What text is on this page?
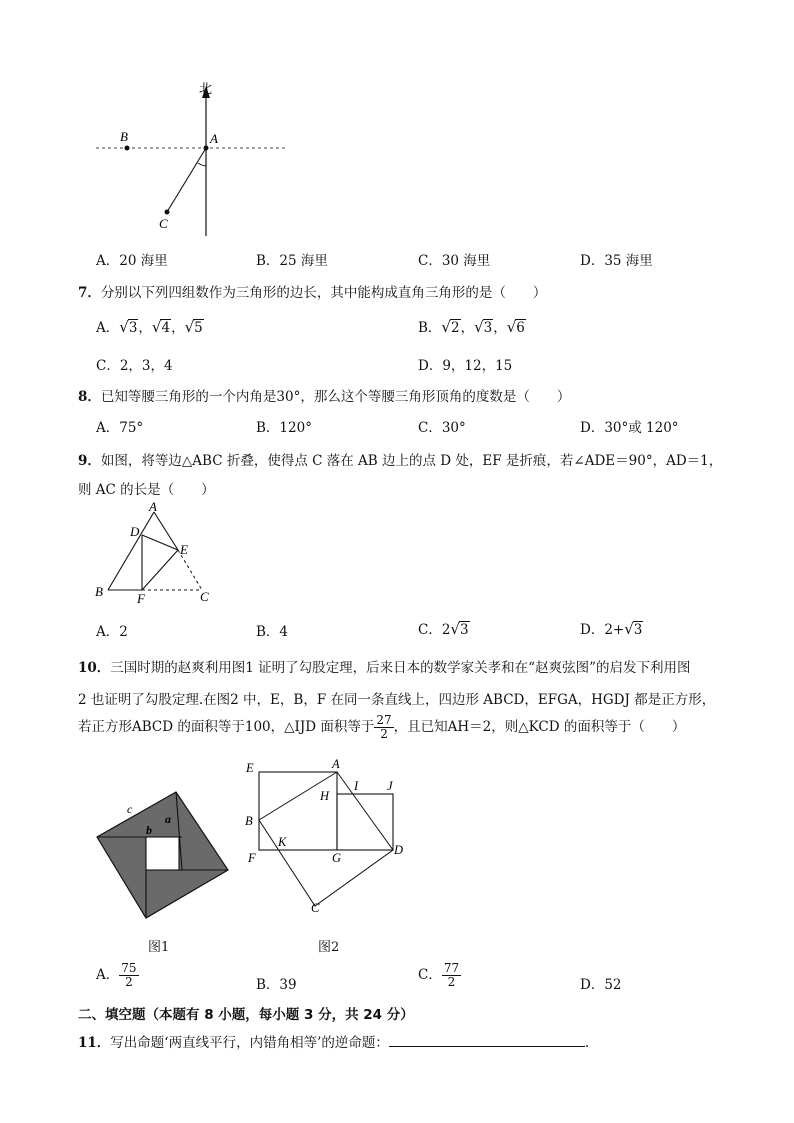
北
B	A
C
A．20 海里	B．25 海里	C．30 海里	D．35 海里
7．分别以下列四组数作为三角形的边长，其中能构成直角三角形的是（　　）
A．√3，√4，√5	B．√2，√3，√6
C．2，3，4	D．9，12，15
8．已知等腰三角形的一个内角是30°，那么这个等腰三角形顶角的度数是（　　）
A．75°	B．120°	C．30°	D．30°或 120°
9．如图，将等边△ABC 折叠，使得点 C 落在 AB 边上的点 D 处，EF 是折痕，若∠ADE＝90°，AD＝1，
则 AC 的长是（　　）
A
D
E
B	F	C
A．2	B．4	C．2√3	D．2+√3
10．三国时期的赵爽利用图1 证明了勾股定理，后来日本的数学家关孝和在“赵爽弦图”的启发下利用图
2 也证明了勾股定理.在图2 中，E，B，F 在同一条直线上，四边形 ABCD，EFGA，HGDJ 都是正方形，
若正方形ABCD 的面积等于100，△IJD 面积等于 $\frac{27}{2}$ ，且已知AH＝2，则△KCD 的面积等于（　　）
c
a
b
图1
E	A
I J
H
B
K
F	G
D
C
图2
A． $\frac{75}{2}$	B．39
C． $\frac{77}{2}$	D．52
二、填空题（本题有 8 小题，每小题 3 分，共 24 分）
11．写出命题‘两直线平行，内错角相等’的逆命题：	.
